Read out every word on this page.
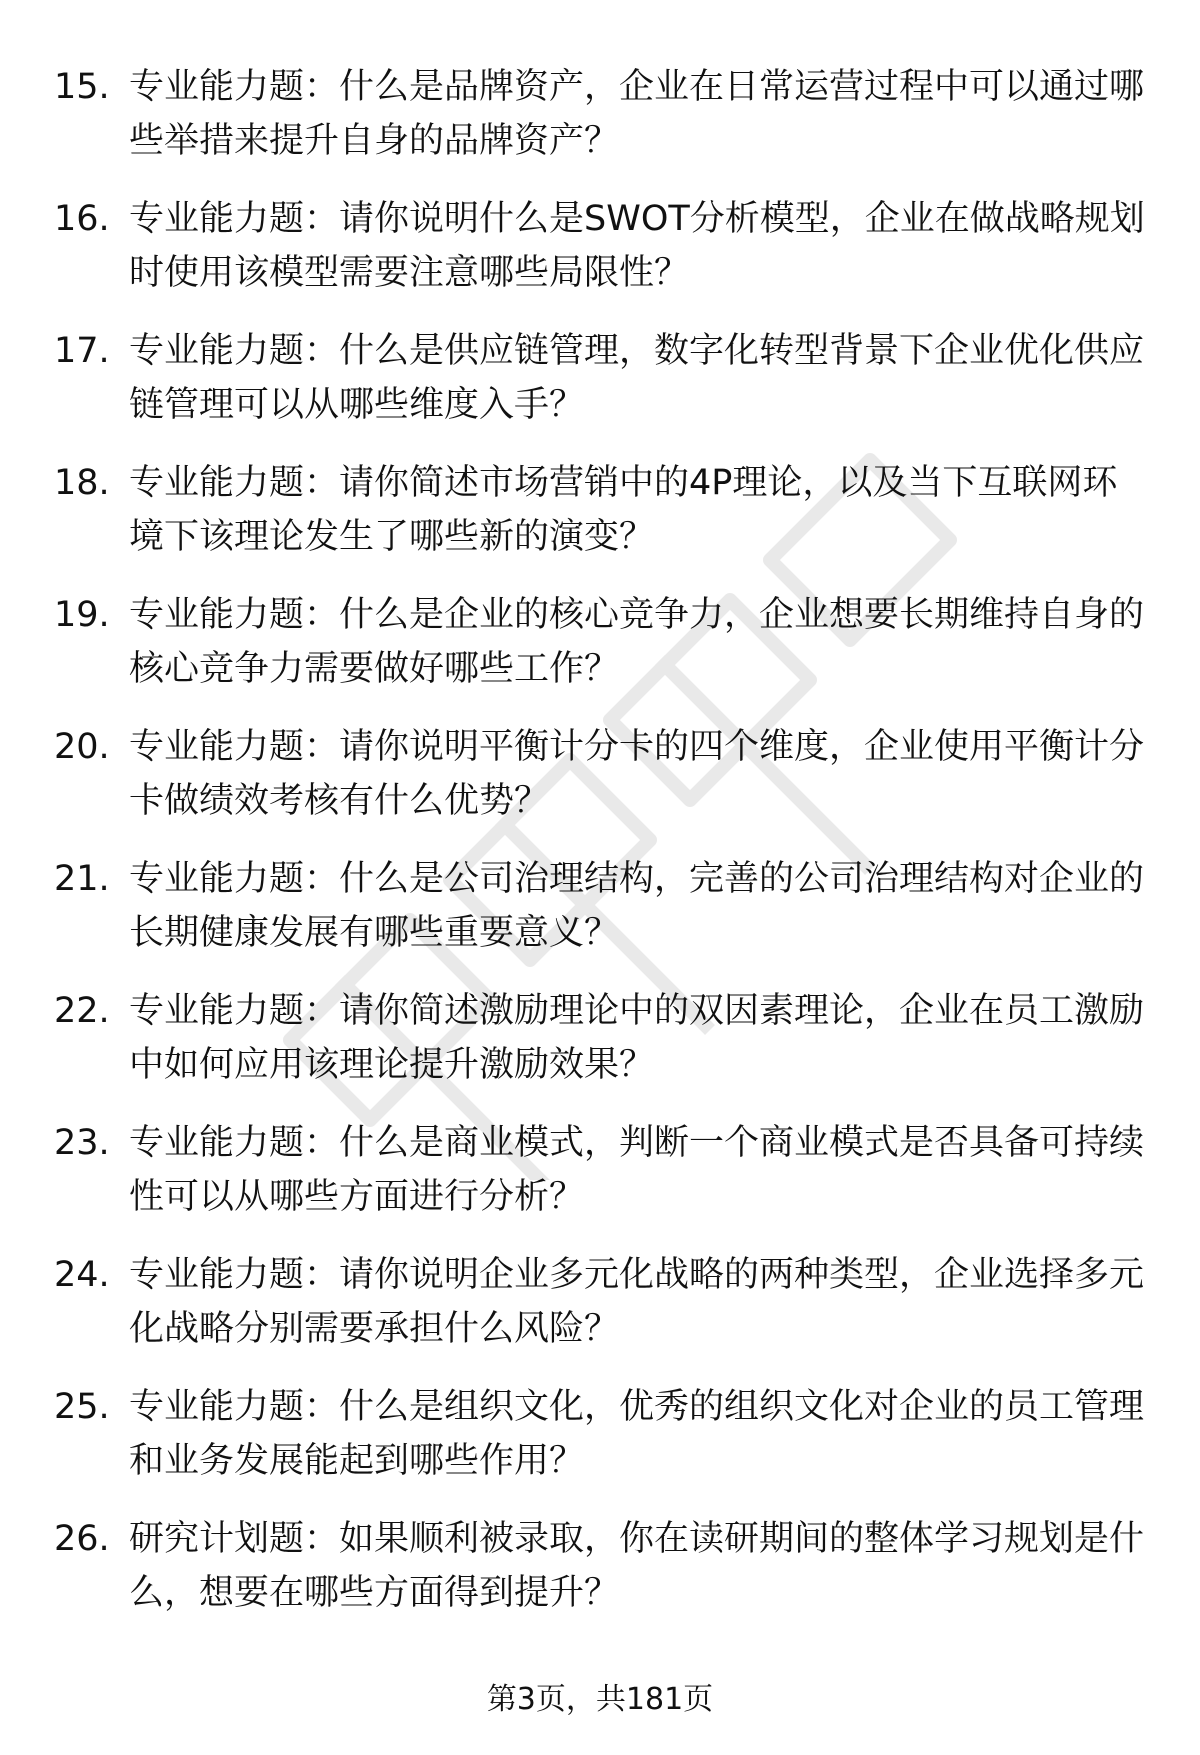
15. 专业能力题：什么是品牌资产，企业在日常运营过程中可以通过哪些举措来提升自身的品牌资产？
16. 专业能力题：请你说明什么是SWOT分析模型，企业在做战略规划时使用该模型需要注意哪些局限性？
17. 专业能力题：什么是供应链管理，数字化转型背景下企业优化供应链管理可以从哪些维度入手？
18. 专业能力题：请你简述市场营销中的4P理论，以及当下互联网环境下该理论发生了哪些新的演变？
19. 专业能力题：什么是企业的核心竞争力，企业想要长期维持自身的核心竞争力需要做好哪些工作？
20. 专业能力题：请你说明平衡计分卡的四个维度，企业使用平衡计分卡做绩效考核有什么优势？
21. 专业能力题：什么是公司治理结构，完善的公司治理结构对企业的长期健康发展有哪些重要意义？
22. 专业能力题：请你简述激励理论中的双因素理论，企业在员工激励中如何应用该理论提升激励效果？
23. 专业能力题：什么是商业模式，判断一个商业模式是否具备可持续性可以从哪些方面进行分析？
24. 专业能力题：请你说明企业多元化战略的两种类型，企业选择多元化战略分别需要承担什么风险？
25. 专业能力题：什么是组织文化，优秀的组织文化对企业的员工管理和业务发展能起到哪些作用？
26. 研究计划题：如果顺利被录取，你在读研期间的整体学习规划是什么，想要在哪些方面得到提升？
第3页，共181页
